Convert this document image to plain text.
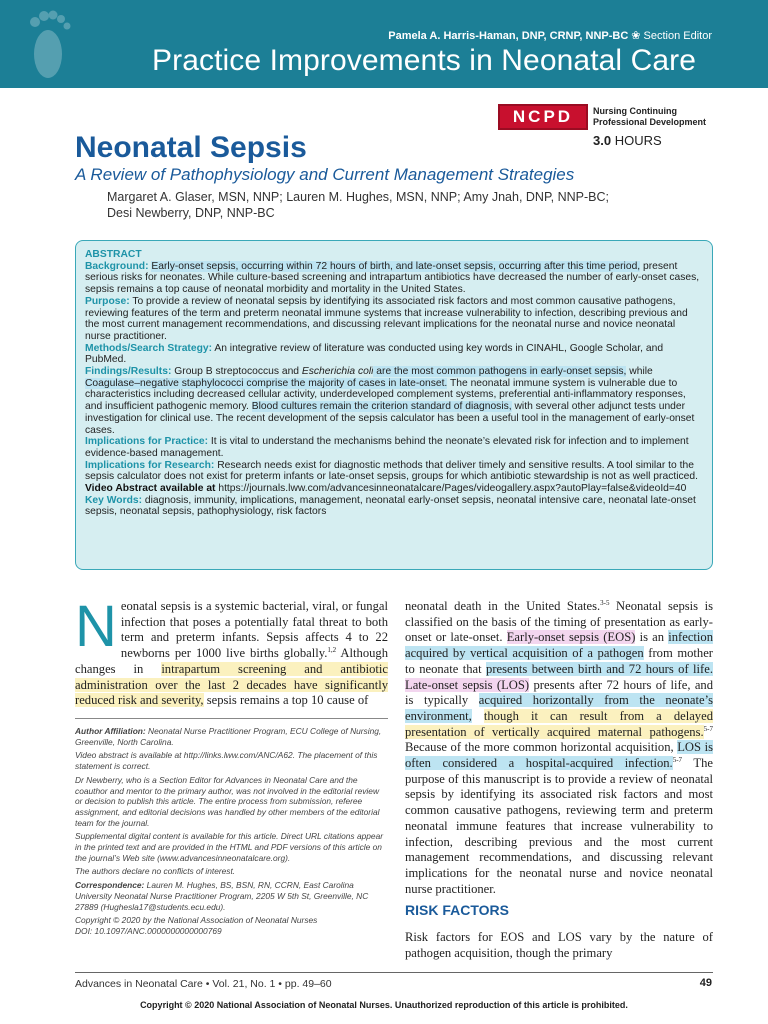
Pamela A. Harris-Haman, DNP, CRNP, NNP-BC ❀ Section Editor
Practice Improvements in Neonatal Care
NCPD	Nursing Continuing
Professional Development
3.0 HOURS
Neonatal Sepsis
A Review of Pathophysiology and Current Management Strategies
Margaret A. Glaser, MSN, NNP; Lauren M. Hughes, MSN, NNP; Amy Jnah, DNP, NNP-BC;
Desi Newberry, DNP, NNP-BC

ABSTRACT

Background: Early-onset sepsis, occurring within 72 hours of birth, and late-onset sepsis, occurring after this time period, present serious risks for neonates. While culture-based screening and intrapartum antibiotics have decreased the number of early-onset cases, sepsis remains a top cause of neonatal morbidity and mortality in the United States.

Purpose: To provide a review of neonatal sepsis by identifying its associated risk factors and most common causative pathogens, reviewing features of the term and preterm neonatal immune systems that increase vulnerability to infection, describing previous and the most current management recommendations, and discussing relevant implications for the neonatal nurse and novice neonatal nurse practitioner.

Methods/Search Strategy: An integrative review of literature was conducted using key words in CINAHL, Google Scholar, and PubMed.

Findings/Results: Group B streptococcus and Escherichia coli are the most common pathogens in early-onset sepsis, while Coagulase–negative staphylococci comprise the majority of cases in late-onset. The neonatal immune system is vulnerable due to characteristics including decreased cellular activity, underdeveloped complement systems, preferential anti-inflammatory responses, and insufficient pathogenic memory. Blood cultures remain the criterion standard of diagnosis, with several other adjunct tests under investigation for clinical use. The recent development of the sepsis calculator has been a useful tool in the management of early-onset cases.

Implications for Practice: It is vital to understand the mechanisms behind the neonate’s elevated risk for infection and to implement evidence-based management.

Implications for Research: Research needs exist for diagnostic methods that deliver timely and sensitive results. A tool similar to the sepsis calculator does not exist for preterm infants or late-onset sepsis, groups for which antibiotic stewardship is not as well practiced.

Video Abstract available at https://journals.lww.com/advancesinneonatalcare/Pages/videogallery.aspx?autoPlay=false&videoId=40

Key Words: diagnosis, immunity, implications, management, neonatal early-onset sepsis, neonatal intensive care, neonatal late-onset sepsis, neonatal sepsis, pathophysiology, risk factors

Neonatal sepsis is a systemic bacterial, viral, or fungal infection that poses a potentially fatal threat to both term and preterm infants. Sepsis affects 4 to 22 newborns per 1000 live births globally.$^{1,2}$ Although changes in intrapartum screening and antibiotic administration over the last 2 decades have significantly reduced risk and severity, sepsis remains a top 10 cause of

Author Affiliation: Neonatal Nurse Practitioner Program, ECU College of Nursing, Greenville, North Carolina.

Video abstract is available at http://links.lww.com/ANC/A62. The placement of this statement is correct.

Dr Newberry, who is a Section Editor for Advances in Neonatal Care and the coauthor and mentor to the primary author, was not involved in the editorial review or decision to publish this article. The entire process from submission, referee assignment, and editorial decisions was handled by other members of the editorial team for the journal.

Supplemental digital content is available for this article. Direct URL citations appear in the printed text and are provided in the HTML and PDF versions of this article on the journal’s Web site (www.advancesinneonatalcare.org).

The authors declare no conflicts of interest.

Correspondence: Lauren M. Hughes, BS, BSN, RN, CCRN, East Carolina University Neonatal Nurse Practitioner Program, 2205 W 5th St, Greenville, NC 27889 (Hughesla17@students.ecu.edu).

Copyright © 2020 by the National Association of Neonatal Nurses

DOI: 10.1097/ANC.0000000000000769

neonatal death in the United States.$^{3-5}$ Neonatal sepsis is classified on the basis of the timing of presentation as early-onset or late-onset. Early-onset sepsis (EOS) is an infection acquired by vertical acquisition of a pathogen from mother to neonate that presents between birth and 72 hours of life. Late-onset sepsis (LOS) presents after 72 hours of life, and is typically acquired horizontally from the neonate’s environment, though it can result from a delayed presentation of vertically acquired maternal pathogens.$^{5-7}$ Because of the more common horizontal acquisition, LOS is often considered a hospital-acquired infection.$^{5-7}$ The purpose of this manuscript is to provide a review of neonatal sepsis by identifying its associated risk factors and most common causative pathogens, reviewing term and preterm neonatal immune features that increase vulnerability to infection, describing previous and the most current management recommendations, and discussing relevant implications for the neonatal nurse and novice neonatal nurse practitioner.
RISK FACTORS
Risk factors for EOS and LOS vary by the nature of pathogen acquisition, though the primary
Advances in Neonatal Care • Vol. 21, No. 1 • pp. 49–60	49
Copyright © 2020 National Association of Neonatal Nurses. Unauthorized reproduction of this article is prohibited.
